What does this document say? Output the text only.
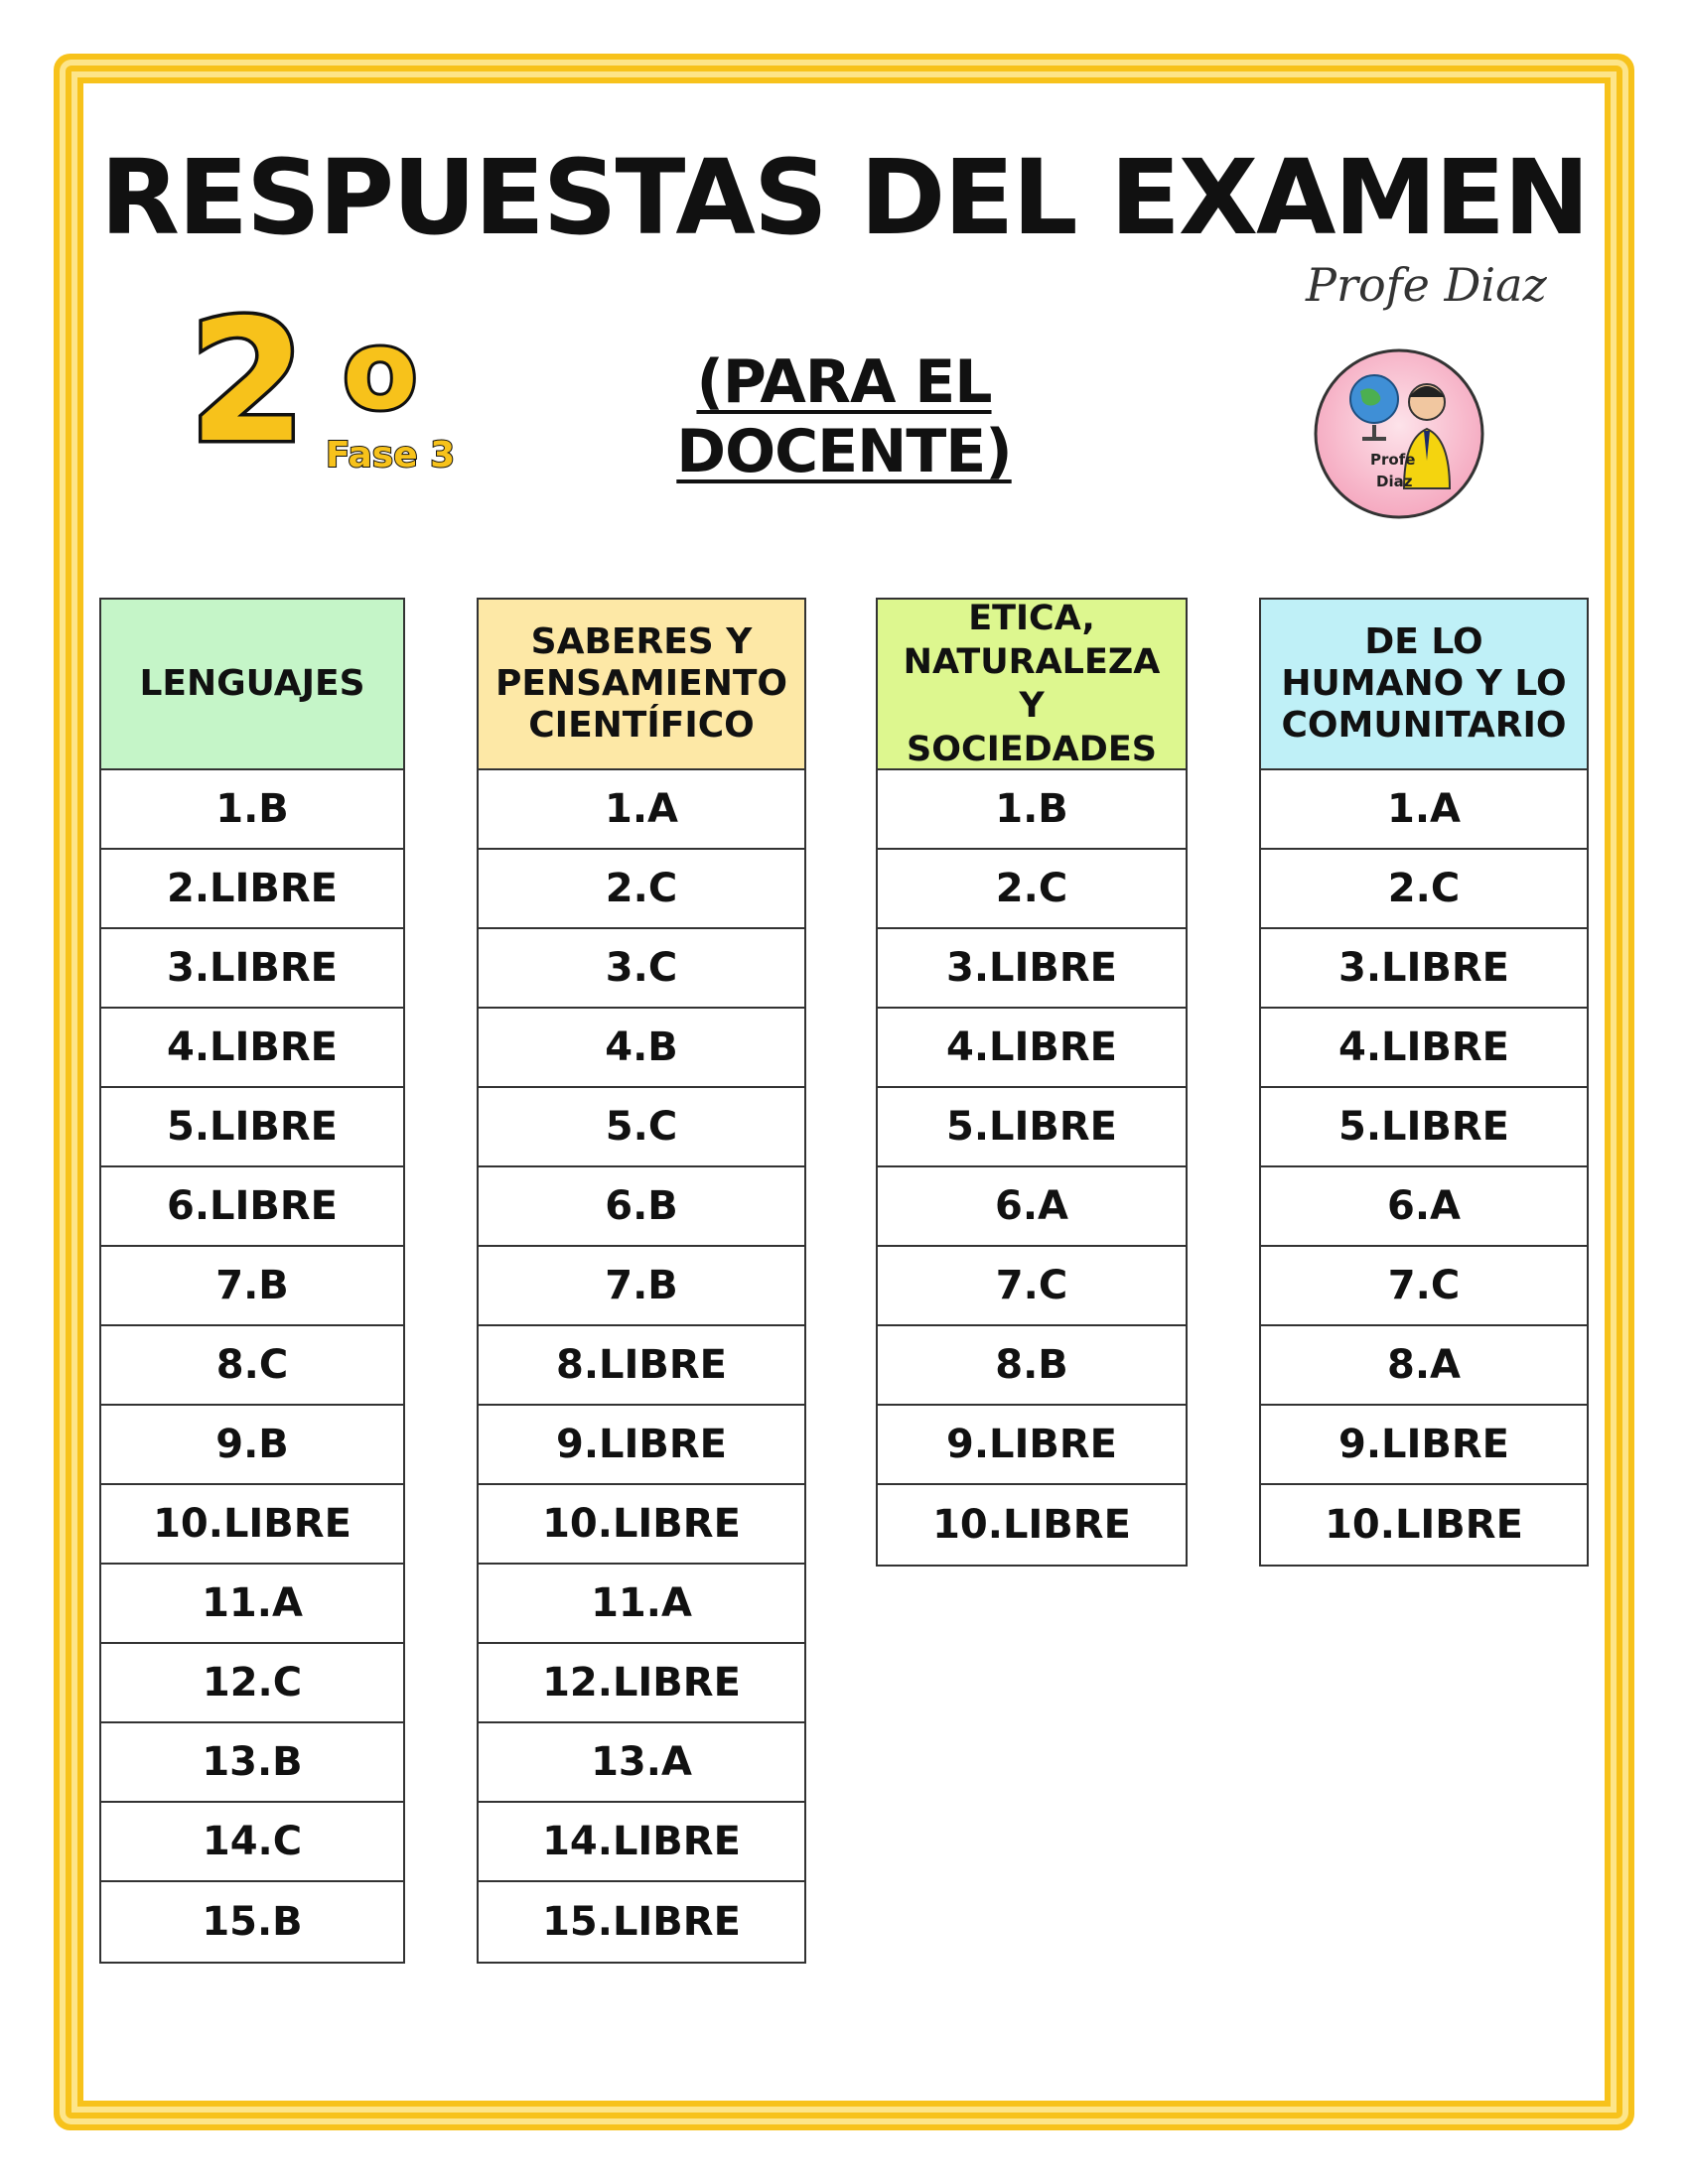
RESPUESTAS DEL EXAMEN
Profe Diaz
2 o
Fase 3
(PARA EL DOCENTE)	Profe
Diaz
LENGUAJES
1.B
2.LIBRE
3.LIBRE
4.LIBRE
5.LIBRE
6.LIBRE
7.B
8.C
9.B
10.LIBRE
11.A
12.C
13.B
14.C
15.B
SABERES Y
PENSAMIENTO
CIENTÍFICO
1.A
2.C
3.C
4.B
5.C
6.B
7.B
8.LIBRE
9.LIBRE
10.LIBRE
11.A
12.LIBRE
13.A
14.LIBRE
15.LIBRE
ETICA,
NATURALEZA
Y
SOCIEDADES
1.B
2.C
3.LIBRE
4.LIBRE
5.LIBRE
6.A
7.C
8.B
9.LIBRE
10.LIBRE
DE LO
HUMANO Y LO
COMUNITARIO
1.A
2.C
3.LIBRE
4.LIBRE
5.LIBRE
6.A
7.C
8.A
9.LIBRE
10.LIBRE
